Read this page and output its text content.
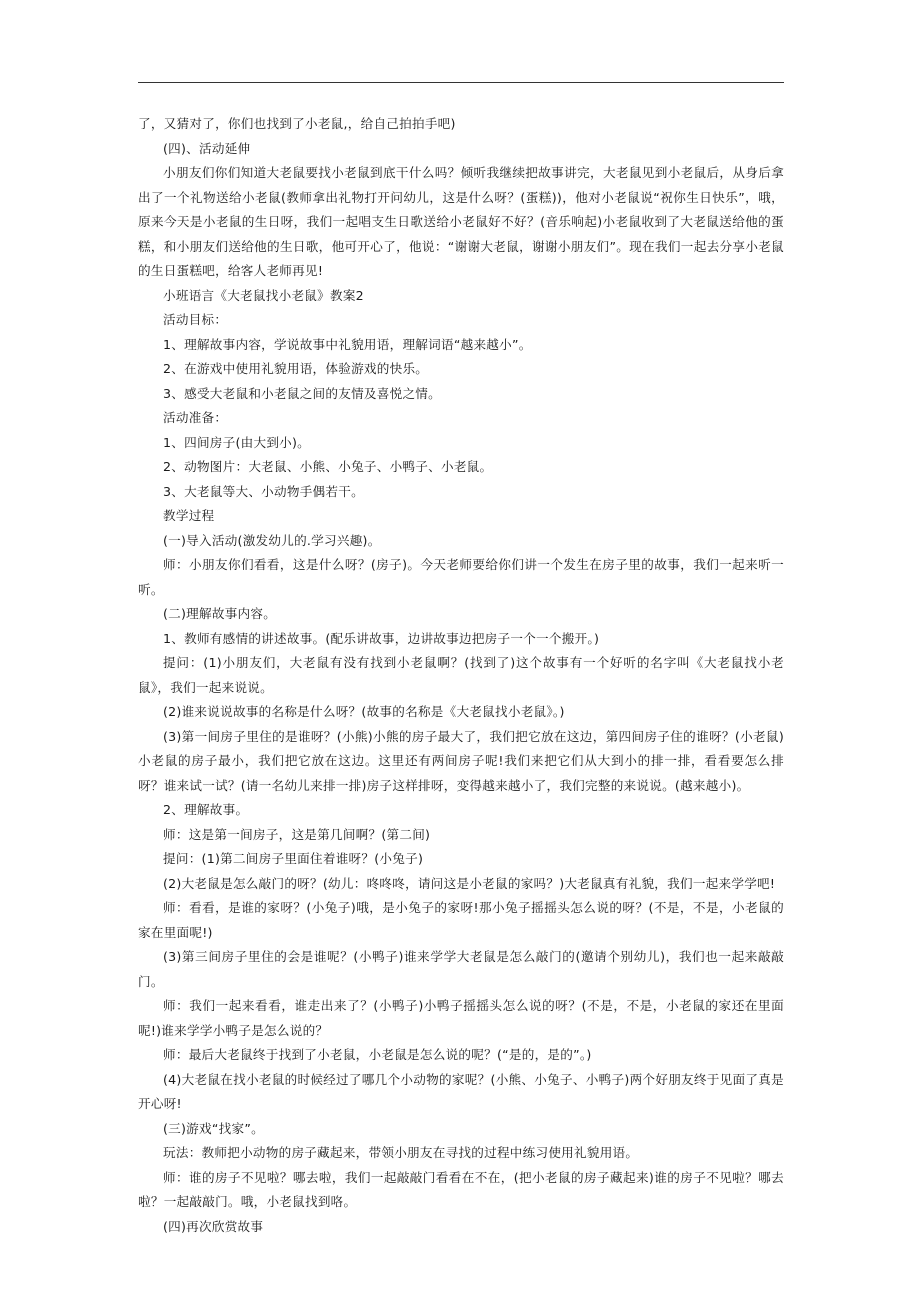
了，又猜对了，你们也找到了小老鼠,，给自己拍拍手吧)

(四)、活动延伸

小朋友们你们知道大老鼠要找小老鼠到底干什么吗？倾听我继续把故事讲完，大老鼠见到小老鼠后，从身后拿出了一个礼物送给小老鼠(教师拿出礼物打开问幼儿，这是什么呀？(蛋糕))，他对小老鼠说“祝你生日快乐”，哦，原来今天是小老鼠的生日呀，我们一起唱支生日歌送给小老鼠好不好？(音乐响起)小老鼠收到了大老鼠送给他的蛋糕，和小朋友们送给他的生日歌，他可开心了，他说：“谢谢大老鼠，谢谢小朋友们”。现在我们一起去分享小老鼠的生日蛋糕吧，给客人老师再见!

小班语言《大老鼠找小老鼠》教案2

活动目标：

1、理解故事内容，学说故事中礼貌用语，理解词语“越来越小”。

2、在游戏中使用礼貌用语，体验游戏的快乐。

3、感受大老鼠和小老鼠之间的友情及喜悦之情。

活动准备：

1、四间房子(由大到小)。

2、动物图片：大老鼠、小熊、小兔子、小鸭子、小老鼠。

3、大老鼠等大、小动物手偶若干。

教学过程

(一)导入活动(激发幼儿的.学习兴趣)。

师：小朋友你们看看，这是什么呀？(房子)。今天老师要给你们讲一个发生在房子里的故事，我们一起来听一听。

(二)理解故事内容。

1、教师有感情的讲述故事。(配乐讲故事，边讲故事边把房子一个一个搬开。)

提问：(1)小朋友们，大老鼠有没有找到小老鼠啊？(找到了)这个故事有一个好听的名字叫《大老鼠找小老鼠》，我们一起来说说。

(2)谁来说说故事的名称是什么呀？(故事的名称是《大老鼠找小老鼠》。)

(3)第一间房子里住的是谁呀？(小熊)小熊的房子最大了，我们把它放在这边，第四间房子住的谁呀？(小老鼠)小老鼠的房子最小，我们把它放在这边。这里还有两间房子呢!我们来把它们从大到小的排一排，看看要怎么排呀？谁来试一试？(请一名幼儿来排一排)房子这样排呀，变得越来越小了，我们完整的来说说。(越来越小)。

2、理解故事。

师：这是第一间房子，这是第几间啊？(第二间)

提问：(1)第二间房子里面住着谁呀？(小兔子)

(2)大老鼠是怎么敲门的呀？(幼儿：咚咚咚，请问这是小老鼠的家吗？)大老鼠真有礼貌，我们一起来学学吧!

师：看看，是谁的家呀？(小兔子)哦，是小兔子的家呀!那小兔子摇摇头怎么说的呀？(不是，不是，小老鼠的家在里面呢!)

(3)第三间房子里住的会是谁呢？(小鸭子)谁来学学大老鼠是怎么敲门的(邀请个别幼儿)，我们也一起来敲敲门。

师：我们一起来看看，谁走出来了？(小鸭子)小鸭子摇摇头怎么说的呀？(不是，不是，小老鼠的家还在里面呢!)谁来学学小鸭子是怎么说的？

师：最后大老鼠终于找到了小老鼠，小老鼠是怎么说的呢？(“是的，是的”。)

(4)大老鼠在找小老鼠的时候经过了哪几个小动物的家呢？(小熊、小兔子、小鸭子)两个好朋友终于见面了真是开心呀!

(三)游戏“找家”。

玩法：教师把小动物的房子藏起来，带领小朋友在寻找的过程中练习使用礼貌用语。

师：谁的房子不见啦？哪去啦，我们一起敲敲门看看在不在，(把小老鼠的房子藏起来)谁的房子不见啦？哪去啦？一起敲敲门。哦，小老鼠找到咯。

(四)再次欣赏故事
